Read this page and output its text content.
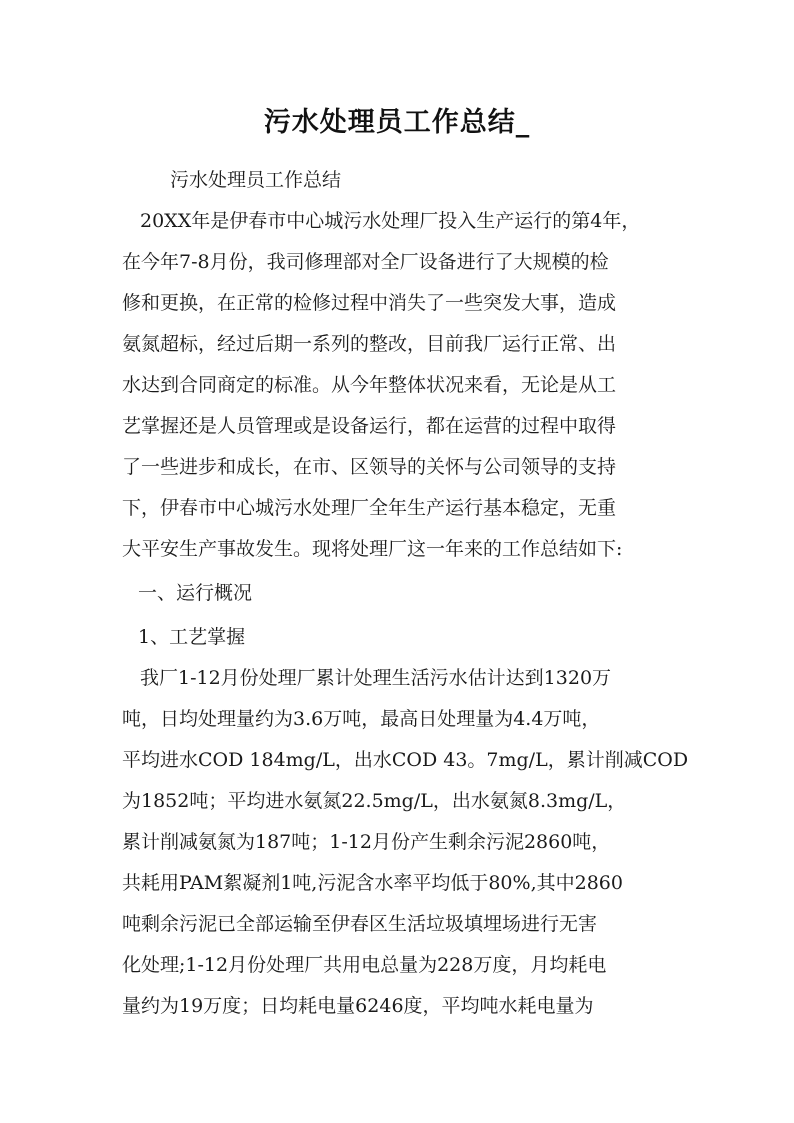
污水处理员工作总结_
污水处理员工作总结
20XX年是伊春市中心城污水处理厂投入生产运行的第4年，
在今年7-8月份，我司修理部对全厂设备进行了大规模的检
修和更换，在正常的检修过程中消失了一些突发大事，造成
氨氮超标，经过后期一系列的整改，目前我厂运行正常、出
水达到合同商定的标准。从今年整体状况来看，无论是从工
艺掌握还是人员管理或是设备运行，都在运营的过程中取得
了一些进步和成长，在市、区领导的关怀与公司领导的支持
下，伊春市中心城污水处理厂全年生产运行基本稳定，无重
大平安生产事故发生。现将处理厂这一年来的工作总结如下:
一、运行概况
1、工艺掌握
我厂1-12月份处理厂累计处理生活污水估计达到1320万
吨，日均处理量约为3.6万吨，最高日处理量为4.4万吨，
平均进水COD 184mg/L，出水COD 43。7mg/L，累计削减COD
为1852吨；平均进水氨氮22.5mg/L，出水氨氮8.3mg/L，
累计削减氨氮为187吨；1-12月份产生剩余污泥2860吨，
共耗用PAM絮凝剂1吨,污泥含水率平均低于80%,其中2860
吨剩余污泥已全部运输至伊春区生活垃圾填埋场进行无害
化处理;1-12月份处理厂共用电总量为228万度，月均耗电
量约为19万度；日均耗电量6246度，平均吨水耗电量为
